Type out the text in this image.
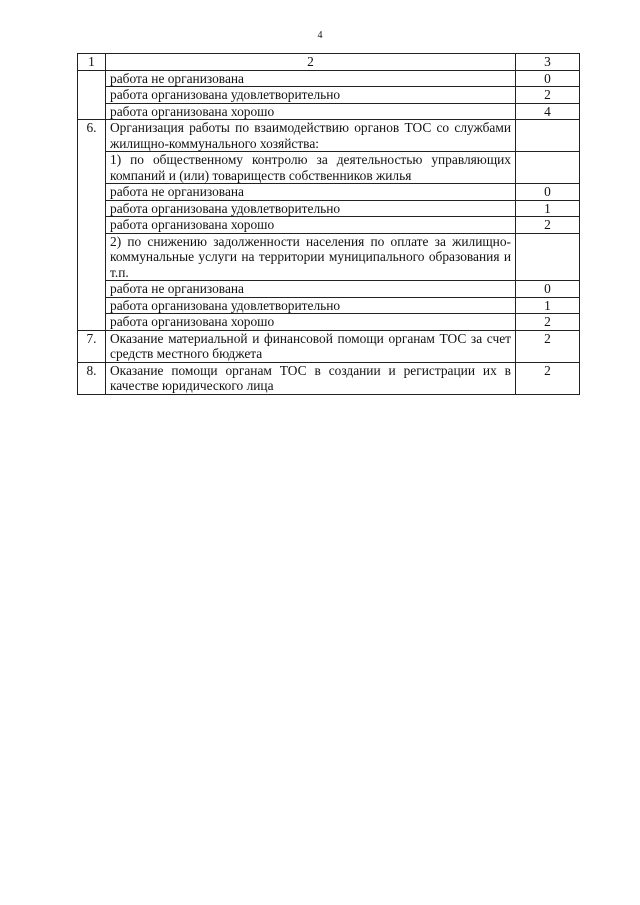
4
1	2	3
	работа не организована	0
	работа организована удовлетворительно	2
	работа организована хорошо	4
6.	Организация работы по взаимодействию органов ТОС со службами жилищно-коммунального хозяйства:	
	1) по общественному контролю за деятельностью управляющих компаний и (или) товариществ собственников жилья	
	работа не организована	0
	работа организована удовлетворительно	1
	работа организована хорошо	2
	2) по снижению задолженности населения по оплате за жилищно-коммунальные услуги на территории муниципального образования и т.п.	
	работа не организована	0
	работа организована удовлетворительно	1
	работа организована хорошо	2
7.	Оказание материальной и финансовой помощи органам ТОС за счет средств местного бюджета	2
8.	Оказание помощи органам ТОС в создании и регистрации их в качестве юридического лица	2
